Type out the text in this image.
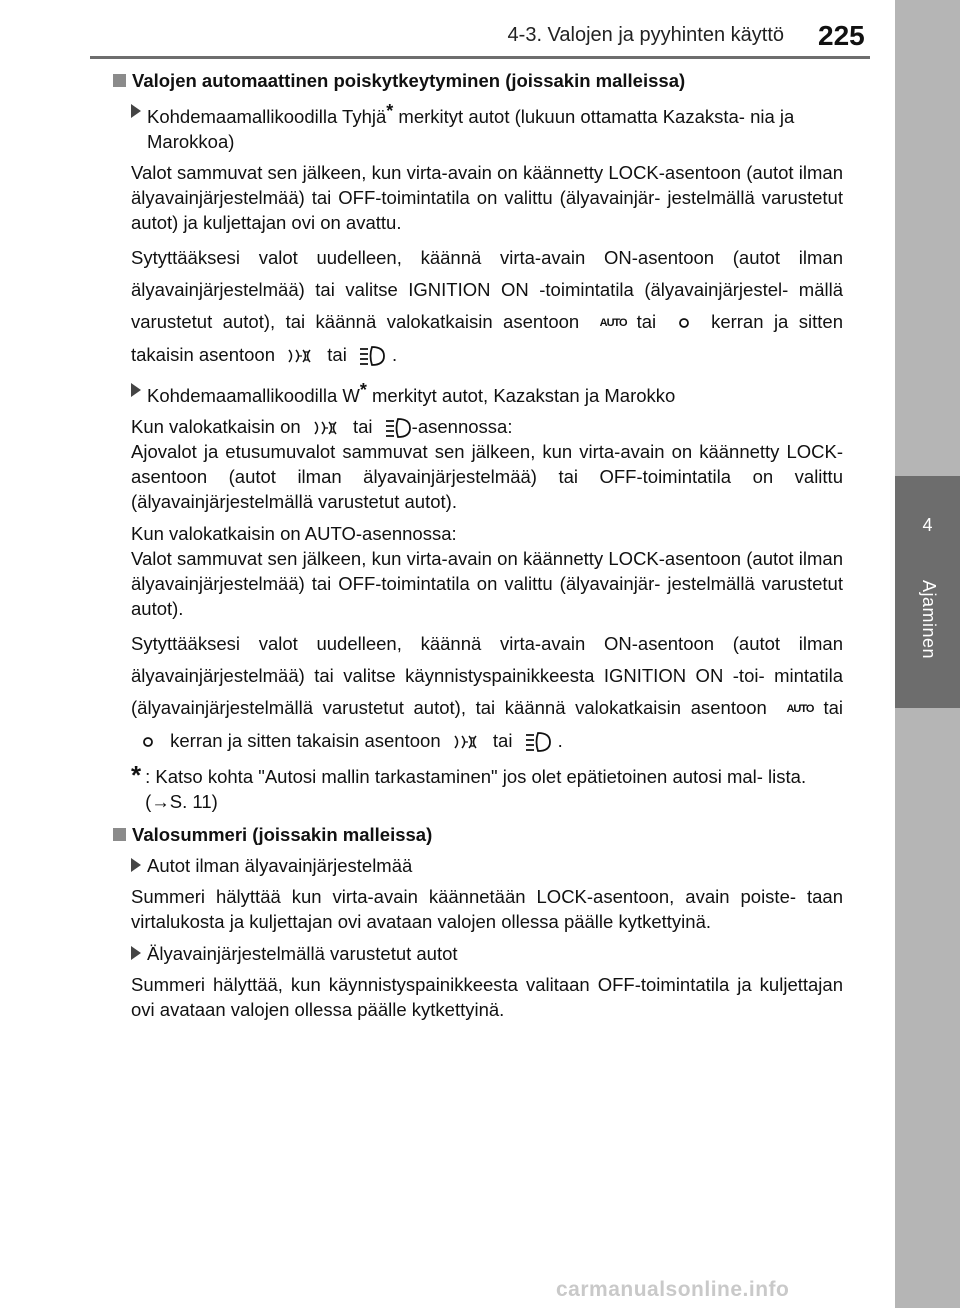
4-3. Valojen ja pyyhinten käyttö 225
4
Ajaminen
Valojen automaattinen poiskytkeytyminen (joissakin malleissa)
Kohdemaamallikoodilla Tyhjä* merkityt autot (lukuun ottamatta Kazaksta- nia ja Marokkoa)
Valot sammuvat sen jälkeen, kun virta-avain on käännetty LOCK-asentoon (autot ilman älyavainjärjestelmää) tai OFF-toimintatila on valittu (älyavainjär- jestelmällä varustetut autot) ja kuljettajan ovi on avattu.
Sytyttääksesi valot uudelleen, käännä virta-avain ON-asentoon (autot ilman älyavainjärjestelmää) tai valitse IGNITION ON -toimintatila (älyavainjärjestel- mällä varustetut autot), tai käännä valokatkaisin asentoon AUTO tai	kerran ja sitten takaisin asentoon	tai .
Kohdemaamallikoodilla W* merkityt autot, Kazakstan ja Marokko
Kun valokatkaisin on	tai -asennossa:
Ajovalot ja etusumuvalot sammuvat sen jälkeen, kun virta-avain on käännetty LOCK-asentoon (autot ilman älyavainjärjestelmää) tai OFF-toimintatila on valittu (älyavainjärjestelmällä varustetut autot).
Kun valokatkaisin on AUTO-asennossa:
Valot sammuvat sen jälkeen, kun virta-avain on käännetty LOCK-asentoon (autot ilman älyavainjärjestelmää) tai OFF-toimintatila on valittu (älyavainjär- jestelmällä varustetut autot).
Sytyttääksesi valot uudelleen, käännä virta-avain ON-asentoon (autot ilman älyavainjärjestelmää) tai valitse käynnistyspainikkeesta IGNITION ON -toi- mintatila (älyavainjärjestelmällä varustetut autot), tai käännä valokatkaisin asentoon AUTO tai  kerran ja sitten takaisin asentoon	tai .
* : Katso kohta "Autosi mallin tarkastaminen" jos olet epätietoinen autosi mal- lista. (→S. 11)
Valosummeri (joissakin malleissa)
Autot ilman älyavainjärjestelmää
Summeri hälyttää kun virta-avain käännetään LOCK-asentoon, avain poiste- taan virtalukosta ja kuljettajan ovi avataan valojen ollessa päälle kytkettyinä.
Älyavainjärjestelmällä varustetut autot
Summeri hälyttää, kun käynnistyspainikkeesta valitaan OFF-toimintatila ja kuljettajan ovi avataan valojen ollessa päälle kytkettyinä.
carmanualsonline.info
